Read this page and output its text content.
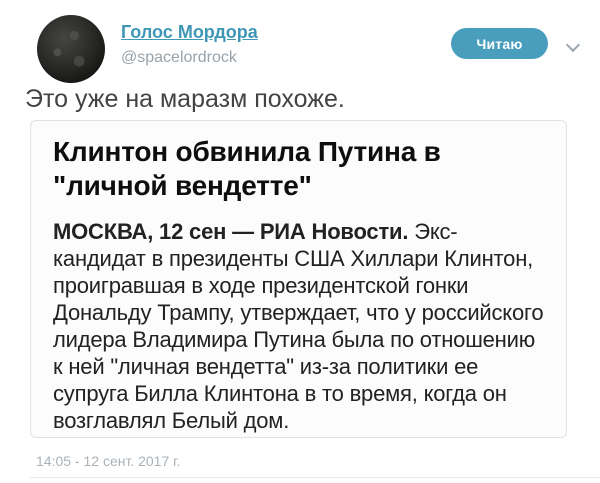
Голос Мордора
@spacelordrock
Читаю
Это уже на маразм похоже.
Клинтон обвинила Путина в "личной вендетте"
МОСКВА, 12 сен — РИА Новости. Экс-кандидат в президенты США Хиллари Клинтон, проигравшая в ходе президентской гонки Дональду Трампу, утверждает, что у российского лидера Владимира Путина была по отношению к ней "личная вендетта" из-за политики ее супруга Билла Клинтона в то время, когда он возглавлял Белый дом.
14:05 - 12 сент. 2017 г.
